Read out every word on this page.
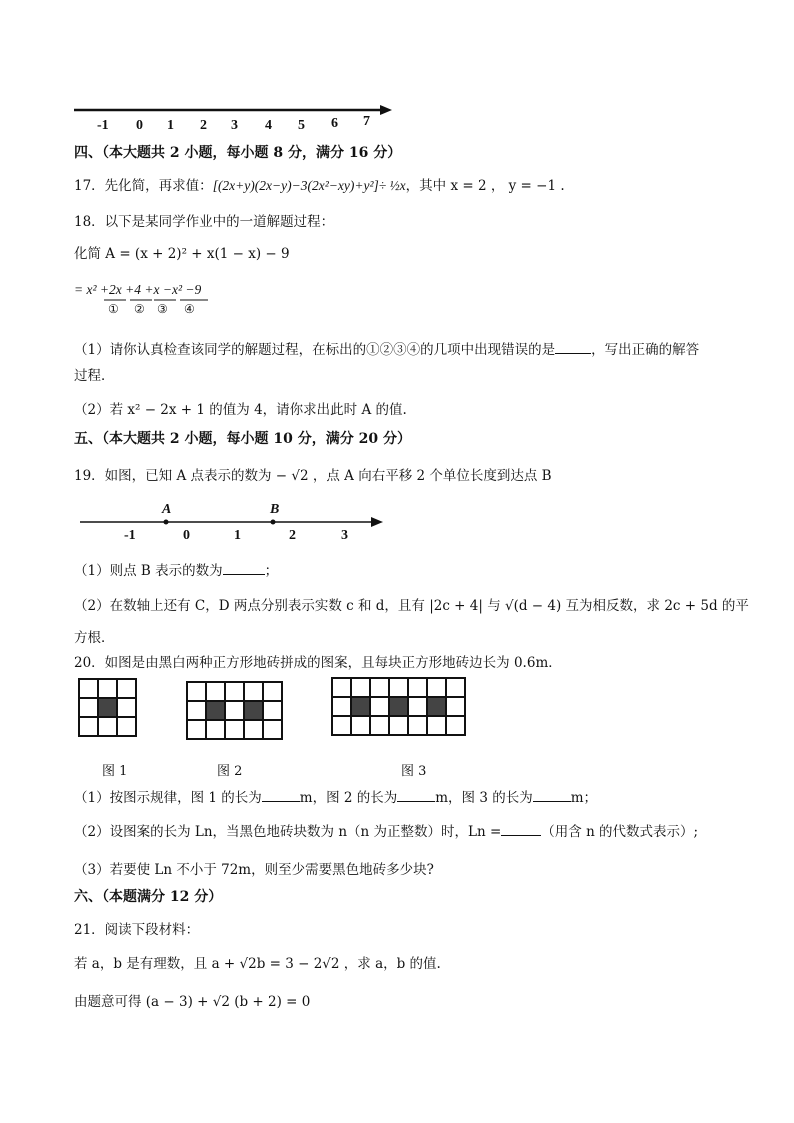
-1 0 1 2 3 4 5 6 7
四、（本大题共 2 小题，每小题 8 分，满分 16 分）
17．先化简，再求值：[(2x+y)(2x−y)−3(2x²−xy)+y²]÷ ½x，其中 x = 2 ， y = −1 .
18．以下是某同学作业中的一道解题过程：
化简 A = (x + 2)² + x(1 − x) − 9
= x² +2x +4 +x −x² −9
① ② ③ ④
（1）请你认真检查该同学的解题过程，在标出的①②③④的几项中出现错误的是	，写出正确的解答
过程．
（2）若 x² − 2x + 1 的值为 4，请你求出此时 A 的值.
五、（本大题共 2 小题，每小题 10 分，满分 20 分）
19．如图，已知 A 点表示的数为 − √2 ，点 A 向右平移 2 个单位长度到达点 B
A	B
-1	0	1	2	3
（1）则点 B 表示的数为	；
（2）在数轴上还有 C，D 两点分别表示实数 c 和 d，且有 |2c + 4| 与 √(d − 4) 互为相反数，求 2c + 5d 的平
方根．
20．如图是由黑白两种正方形地砖拼成的图案，且每块正方形地砖边长为 0.6m．

图 1	图 2	图 3
（1）按图示规律，图 1 的长为	m，图 2 的长为	m，图 3 的长为	m；
（2）设图案的长为 Ln，当黑色地砖块数为 n（n 为正整数）时，Ln =	（用含 n 的代数式表示）;
（3）若要使 Ln 不小于 72m，则至少需要黑色地砖多少块?
六、（本题满分 12 分）
21．阅读下段材料：
若 a，b 是有理数，且 a + √2b = 3 − 2√2 ，求 a，b 的值.
由题意可得 (a − 3) + √2 (b + 2) = 0
